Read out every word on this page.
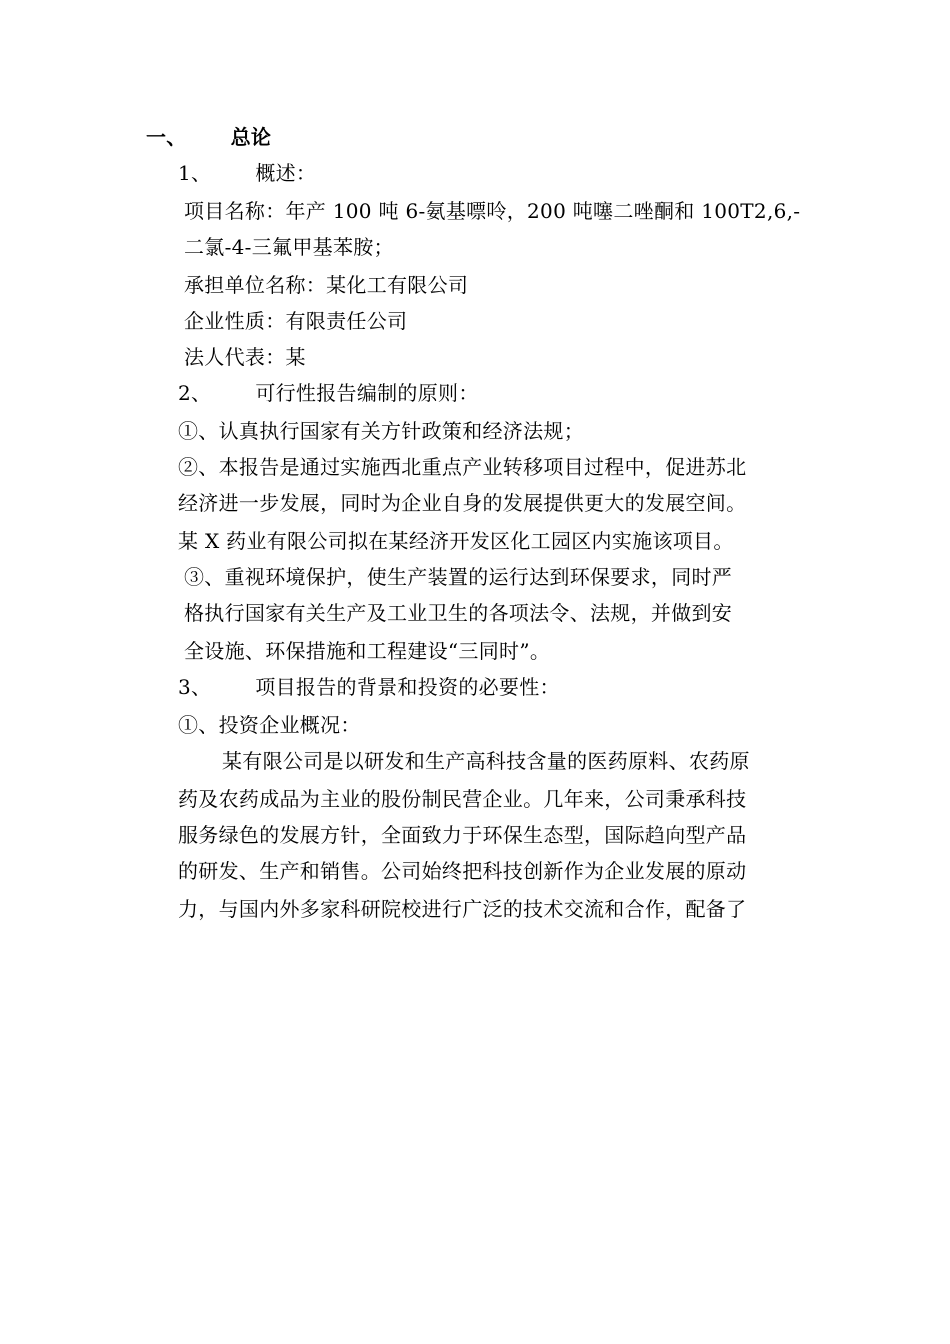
一、 总论
1、 概述：
项目名称：年产 100 吨 6-氨基嘌呤，200 吨噻二唑酮和 100T2,6,-
二氯-4-三氟甲基苯胺；
承担单位名称：某化工有限公司
企业性质：有限责任公司
法人代表：某
2、 可行性报告编制的原则：
①、认真执行国家有关方针政策和经济法规；
②、本报告是通过实施西北重点产业转移项目过程中，促进苏北
经济进一步发展，同时为企业自身的发展提供更大的发展空间。
某 X 药业有限公司拟在某经济开发区化工园区内实施该项目。
③、重视环境保护，使生产装置的运行达到环保要求，同时严
格执行国家有关生产及工业卫生的各项法令、法规，并做到安
全设施、环保措施和工程建设“三同时”。
3、 项目报告的背景和投资的必要性：
①、投资企业概况：
某有限公司是以研发和生产高科技含量的医药原料、农药原
药及农药成品为主业的股份制民营企业。几年来，公司秉承科技
服务绿色的发展方针，全面致力于环保生态型，国际趋向型产品
的研发、生产和销售。公司始终把科技创新作为企业发展的原动
力，与国内外多家科研院校进行广泛的技术交流和合作，配备了
